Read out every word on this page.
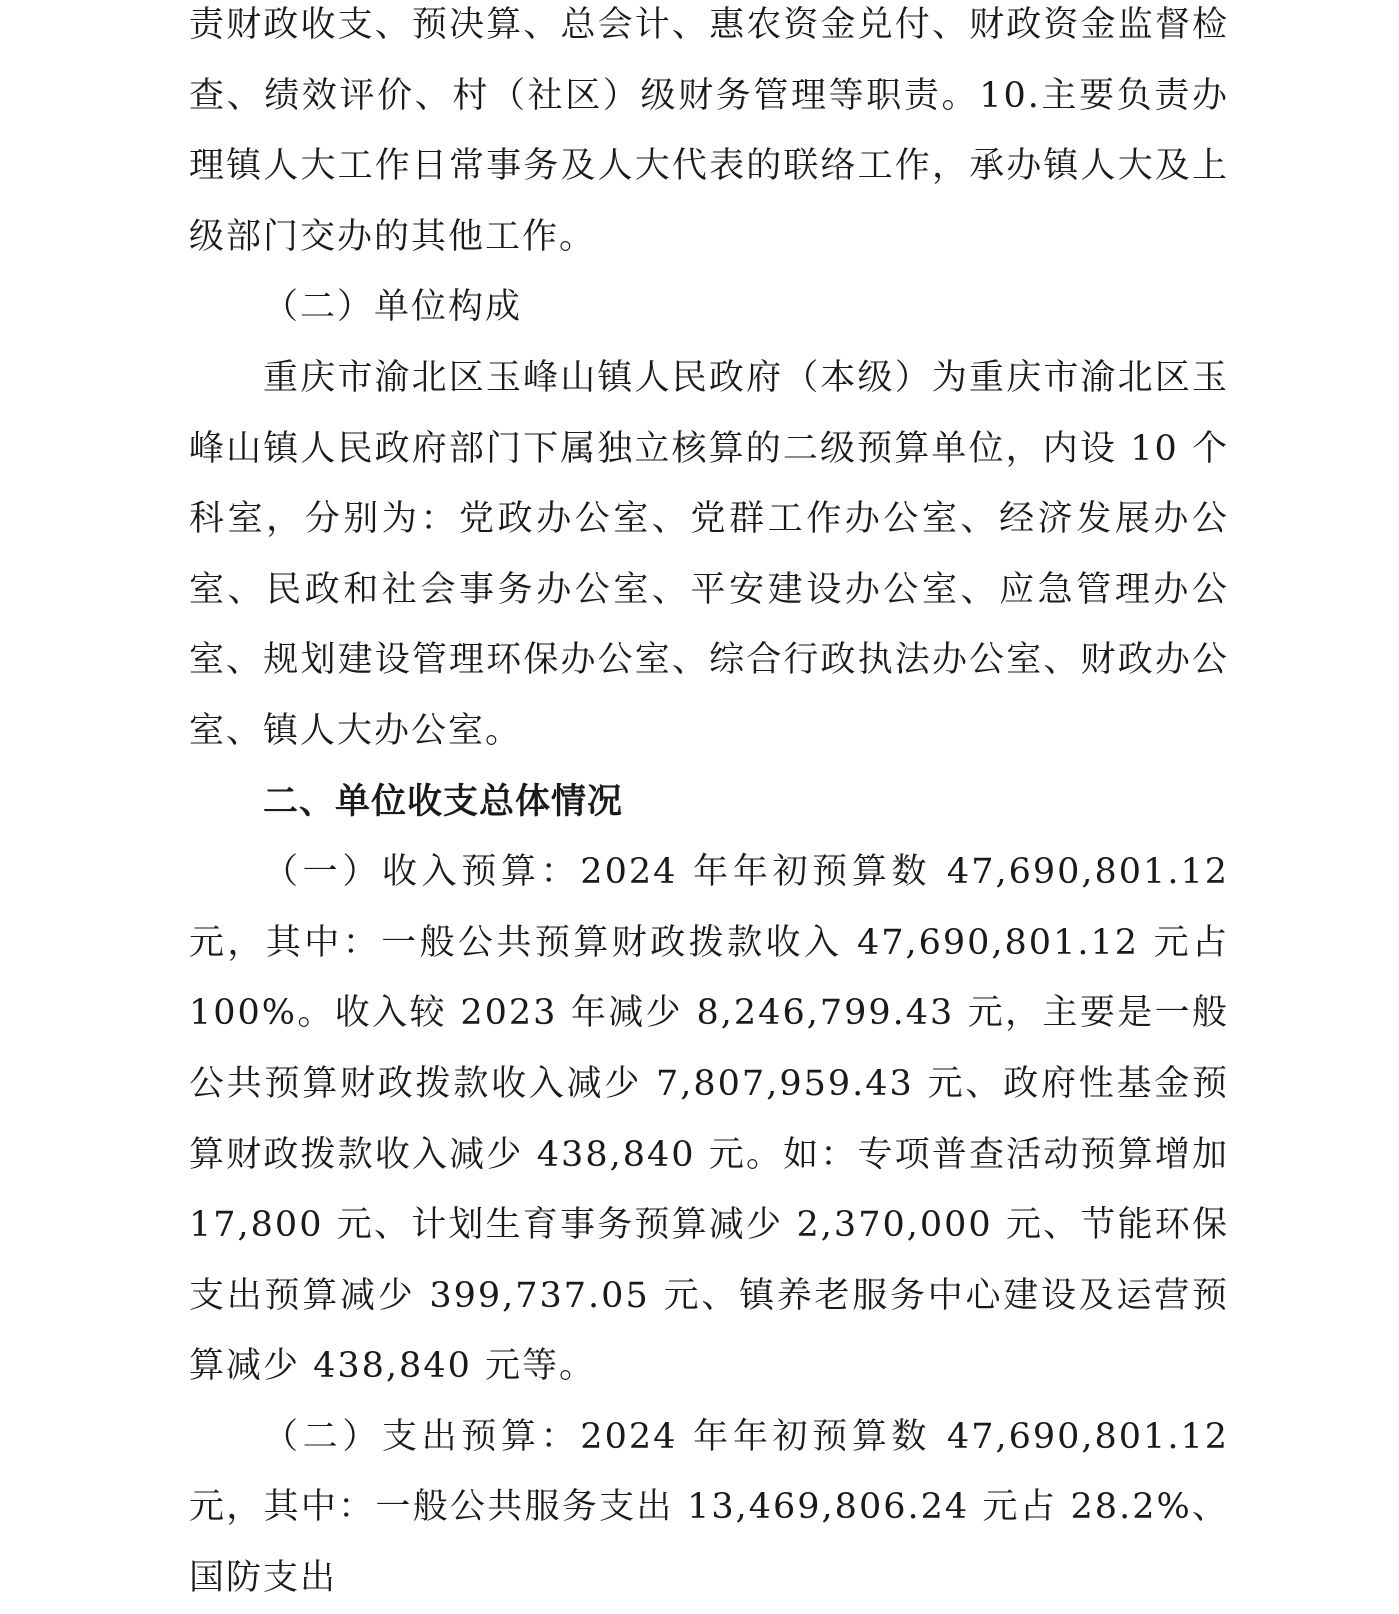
责财政收支、预决算、总会计、惠农资金兑付、财政资金监督检查、绩效评价、村（社区）级财务管理等职责。10.主要负责办理镇人大工作日常事务及人大代表的联络工作，承办镇人大及上级部门交办的其他工作。

（二）单位构成

重庆市渝北区玉峰山镇人民政府（本级）为重庆市渝北区玉峰山镇人民政府部门下属独立核算的二级预算单位，内设 10 个科室，分别为：党政办公室、党群工作办公室、经济发展办公室、民政和社会事务办公室、平安建设办公室、应急管理办公室、规划建设管理环保办公室、综合行政执法办公室、财政办公室、镇人大办公室。

二、单位收支总体情况

（一）收入预算：2024 年年初预算数 47,690,801.12 元，其中：一般公共预算财政拨款收入 47,690,801.12 元占 100%。收入较 2023 年减少 8,246,799.43 元，主要是一般公共预算财政拨款收入减少 7,807,959.43 元、政府性基金预算财政拨款收入减少 438,840 元。如：专项普查活动预算增加 17,800 元、计划生育事务预算减少 2,370,000 元、节能环保支出预算减少 399,737.05 元、镇养老服务中心建设及运营预算减少 438,840 元等。

（二）支出预算：2024 年年初预算数 47,690,801.12 元，其中：一般公共服务支出 13,469,806.24 元占 28.2%、国防支出
